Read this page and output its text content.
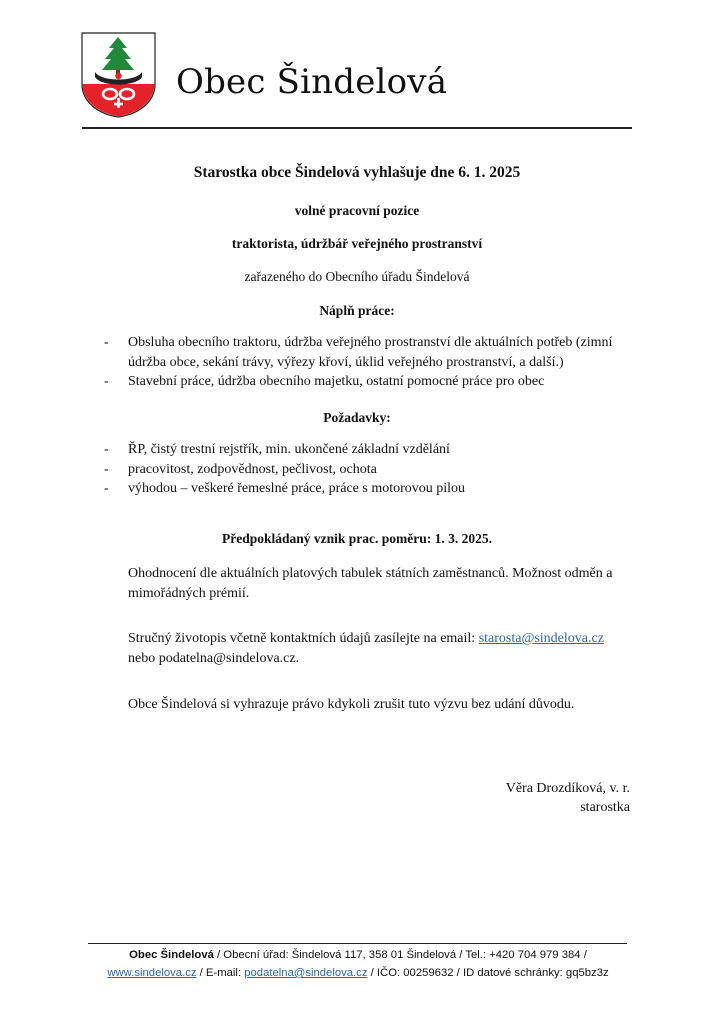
Obec Šindelová
Starostka obce Šindelová vyhlašuje dne 6. 1. 2025
volné pracovní pozice
traktorista, údržbář veřejného prostranství
zařazeného do Obecního úřadu Šindelová
Náplň práce:
- Obsluha obecního traktoru, údržba veřejného prostranství dle aktuálních potřeb (zimní údržba obce, sekání trávy, výřezy křoví, úklid veřejného prostranství, a další.)
- Stavební práce, údržba obecního majetku, ostatní pomocné práce pro obec
Požadavky:
- ŘP, čistý trestní rejstřík, min. ukončené základní vzdělání
- pracovitost, zodpovědnost, pečlivost, ochota
- výhodou – veškeré řemeslné práce, práce s motorovou pilou
Předpokládaný vznik prac. poměru: 1. 3. 2025.
Ohodnocení dle aktuálních platových tabulek státních zaměstnanců. Možnost odměn a mimořádných prémií.
Stručný životopis včetně kontaktních údajů zasílejte na email: starosta@sindelova.cz
nebo podatelna@sindelova.cz.
Obce Šindelová si vyhrazuje právo kdykoli zrušit tuto výzvu bez udání důvodu.
Věra Drozdíková, v. r.
starostka
Obec Šindelová / Obecní úřad: Šindelová 117, 358 01 Šindelová / Tel.: +420 704 979 384 /
www.sindelova.cz / E-mail: podatelna@sindelova.cz / IČO: 00259632 / ID datové schránky: gq5bz3z
